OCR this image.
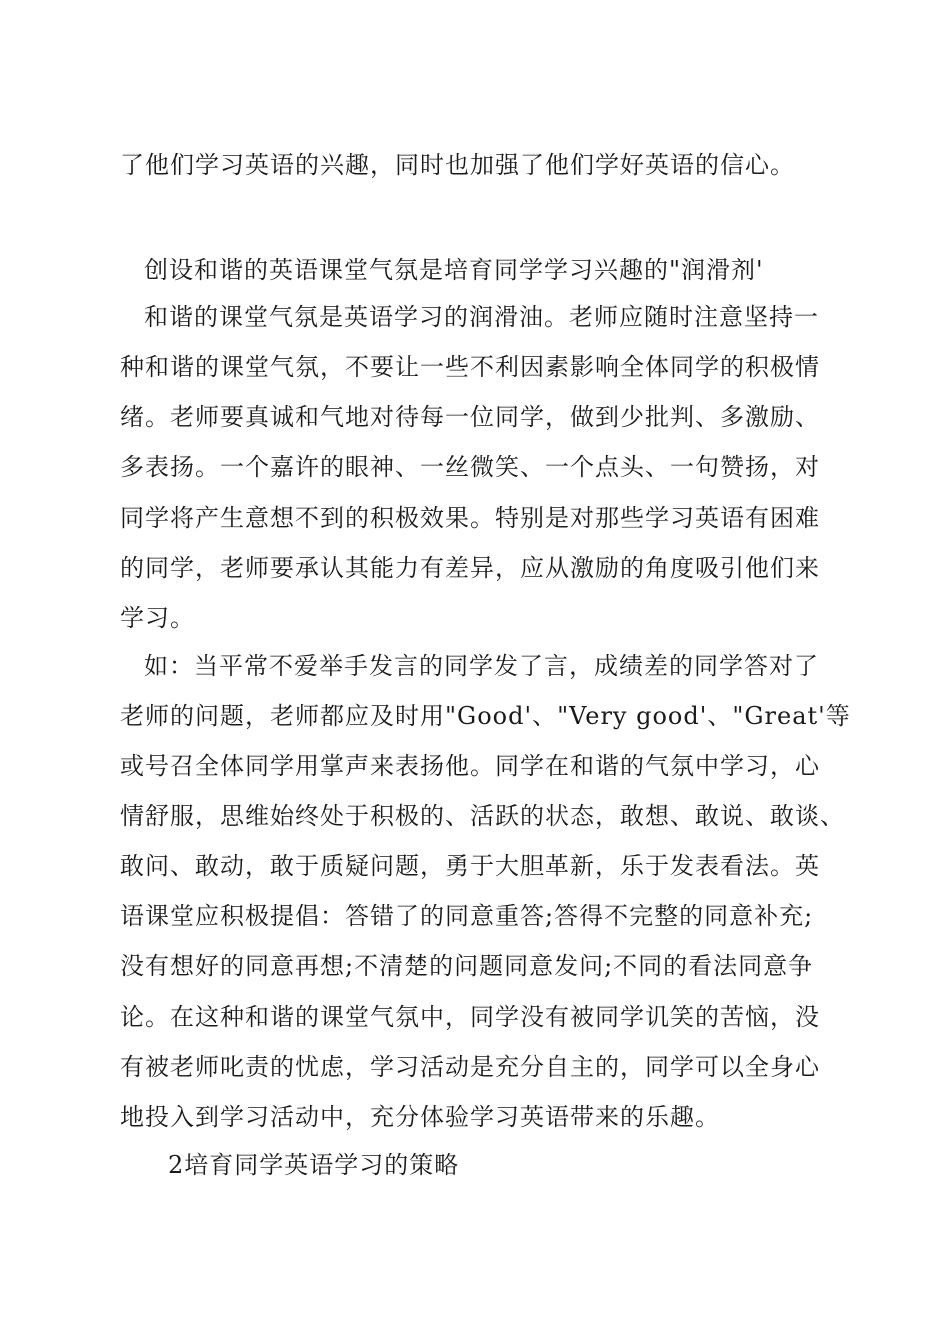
了他们学习英语的兴趣，同时也加强了他们学好英语的信心。
创设和谐的英语课堂气氛是培育同学学习兴趣的"润滑剂'
和谐的课堂气氛是英语学习的润滑油。老师应随时注意坚持一
种和谐的课堂气氛，不要让一些不利因素影响全体同学的积极情
绪。老师要真诚和气地对待每一位同学，做到少批判、多激励、
多表扬。一个嘉许的眼神、一丝微笑、一个点头、一句赞扬，对
同学将产生意想不到的积极效果。特别是对那些学习英语有困难
的同学，老师要承认其能力有差异，应从激励的角度吸引他们来
学习。
如：当平常不爱举手发言的同学发了言，成绩差的同学答对了
老师的问题，老师都应及时用"Good'、"Very good'、"Great'等
或号召全体同学用掌声来表扬他。同学在和谐的气氛中学习，心
情舒服，思维始终处于积极的、活跃的状态，敢想、敢说、敢谈、
敢问、敢动，敢于质疑问题，勇于大胆革新，乐于发表看法。英
语课堂应积极提倡：答错了的同意重答;答得不完整的同意补充;
没有想好的同意再想;不清楚的问题同意发问;不同的看法同意争
论。在这种和谐的课堂气氛中，同学没有被同学讥笑的苦恼，没
有被老师叱责的忧虑，学习活动是充分自主的，同学可以全身心
地投入到学习活动中，充分体验学习英语带来的乐趣。
2培育同学英语学习的策略
